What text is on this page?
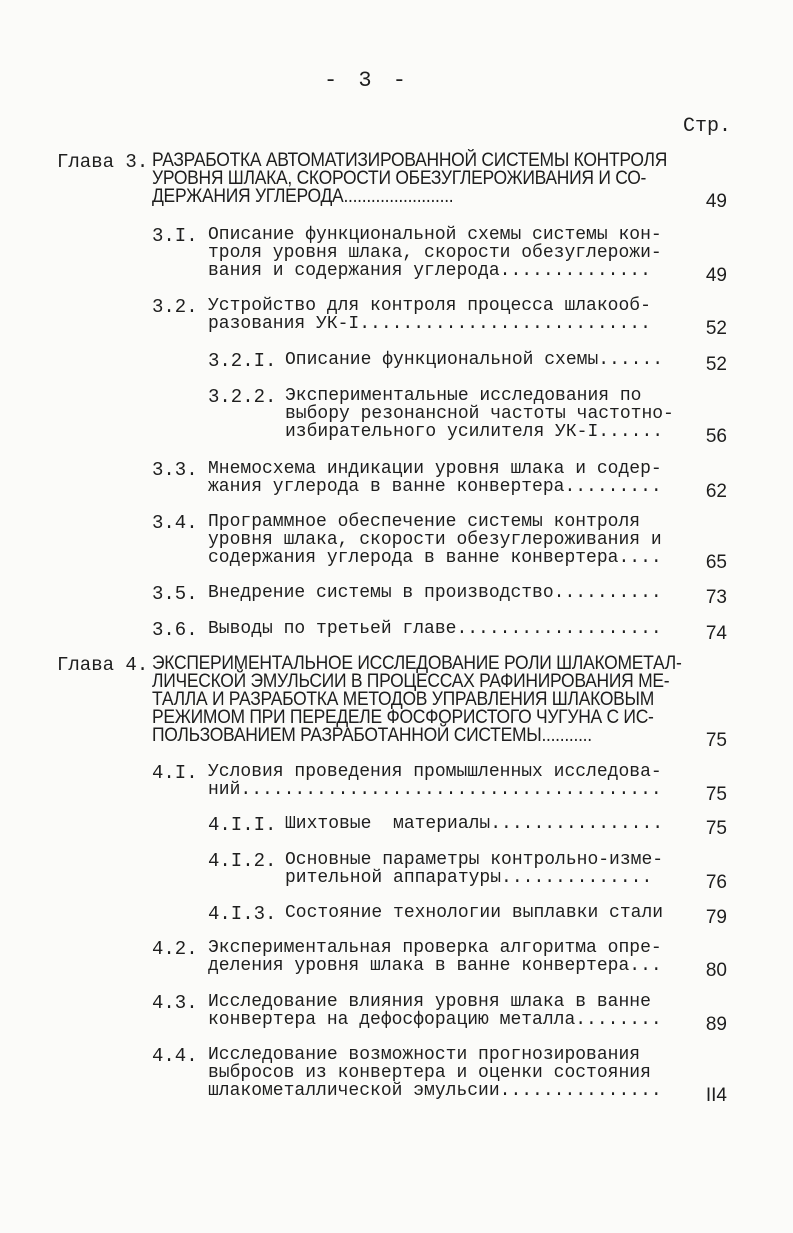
- 3 -
Стр.
Глава 3. РАЗРАБОТКА АВТОМАТИЗИРОВАННОЙ СИСТЕМЫ КОНТРОЛЯ
УРОВНЯ ШЛАКА, СКОРОСТИ ОБЕЗУГЛЕРОЖИВАНИЯ И СО-
ДЕРЖАНИЯ УГЛЕРОДА........................	49
3.I. Описание функциональной схемы системы кон-
троля уровня шлака, скорости обезуглерожи-
вания и содержания углерода..............	49
3.2. Устройство для контроля процесса шлакооб-
разования УК-I...........................	52
3.2.I. Описание функциональной схемы...... 52
3.2.2. Экспериментальные исследования по
выбору резонансной частоты частотно-
избирательного усилителя УК-I......	56
3.3. Мнемосхема индикации уровня шлака и содер-
жания углерода в ванне конвертера......... 62
3.4. Программное обеспечение системы контроля
уровня шлака, скорости обезуглероживания и
содержания углерода в ванне конвертера.... 65
3.5. Внедрение системы в производство.......... 73
3.6. Выводы по третьей главе................... 74
Глава 4. ЭКСПЕРИМЕНТАЛЬНОЕ ИССЛЕДОВАНИЕ РОЛИ ШЛАКОМЕТАЛ-
ЛИЧЕСКОЙ ЭМУЛЬСИИ В ПРОЦЕССАХ РАФИНИРОВАНИЯ МЕ-
ТАЛЛА И РАЗРАБОТКА МЕТОДОВ УПРАВЛЕНИЯ ШЛАКОВЫМ
РЕЖИМОМ ПРИ ПЕРЕДЕЛЕ ФОСФОРИСТОГО ЧУГУНА С ИС-
ПОЛЬЗОВАНИЕМ РАЗРАБОТАННОЙ СИСТЕМЫ...........	75
4.I. Условия проведения промышленных исследова-
ний....................................... 75
4.I.I. Шихтовые  материалы................ 75
4.I.2. Основные параметры контрольно-изме-
рительной аппаратуры..............	76
4.I.3. Состояние технологии выплавки стали 79
4.2. Экспериментальная проверка алгоритма опре-
деления уровня шлака в ванне конвертера... 80
4.3. Исследование влияния уровня шлака в ванне
конвертера на дефосфорацию металла........ 89
4.4. Исследование возможности прогнозирования
выбросов из конвертера и оценки состояния
шлакометаллической эмульсии............... II4
